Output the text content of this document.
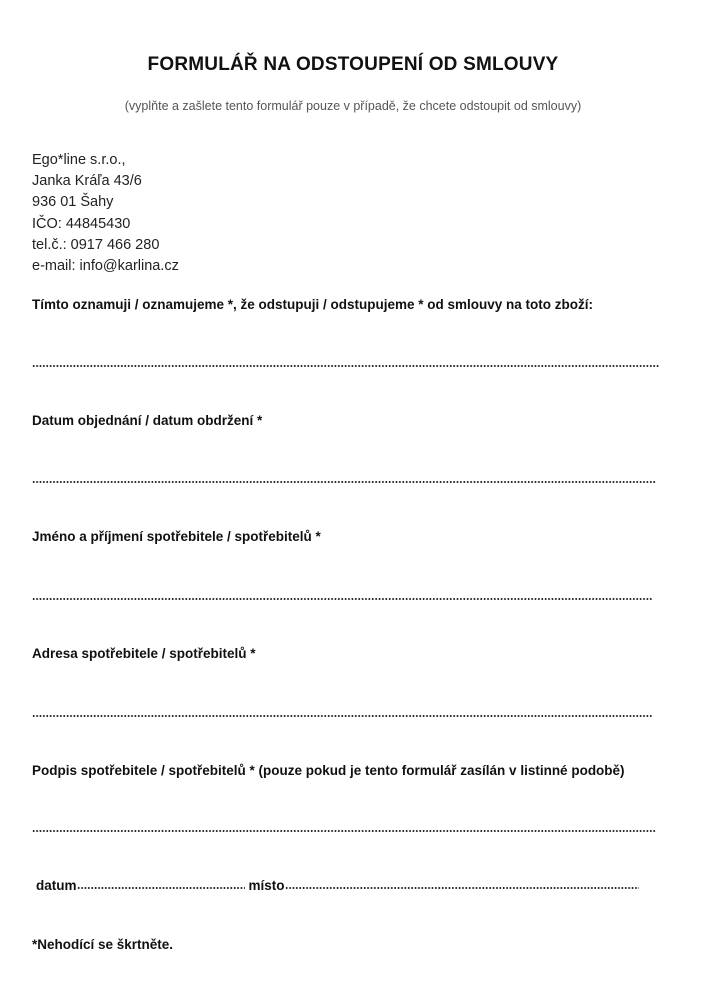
FORMULÁŘ NA ODSTOUPENÍ OD SMLOUVY
(vyplňte a zašlete tento formulář pouze v případě, že chcete odstoupit od smlouvy)
Ego*line s.r.o.,
Janka Kráľa 43/6
936 01 Šahy
IČO: 44845430
tel.č.: 0917 466 280
e-mail: info@karlina.cz
Tímto oznamuji / oznamujeme *, že odstupuji / odstupujeme * od smlouvy na toto zboží:
Datum objednání / datum obdržení *
Jméno a příjmení spotřebitele / spotřebitelů *
Adresa spotřebitele / spotřebitelů *
Podpis spotřebitele / spotřebitelů * (pouze pokud je tento formulář zasílán v listinné podobě)
datum	místo
*Nehodící se škrtněte.
